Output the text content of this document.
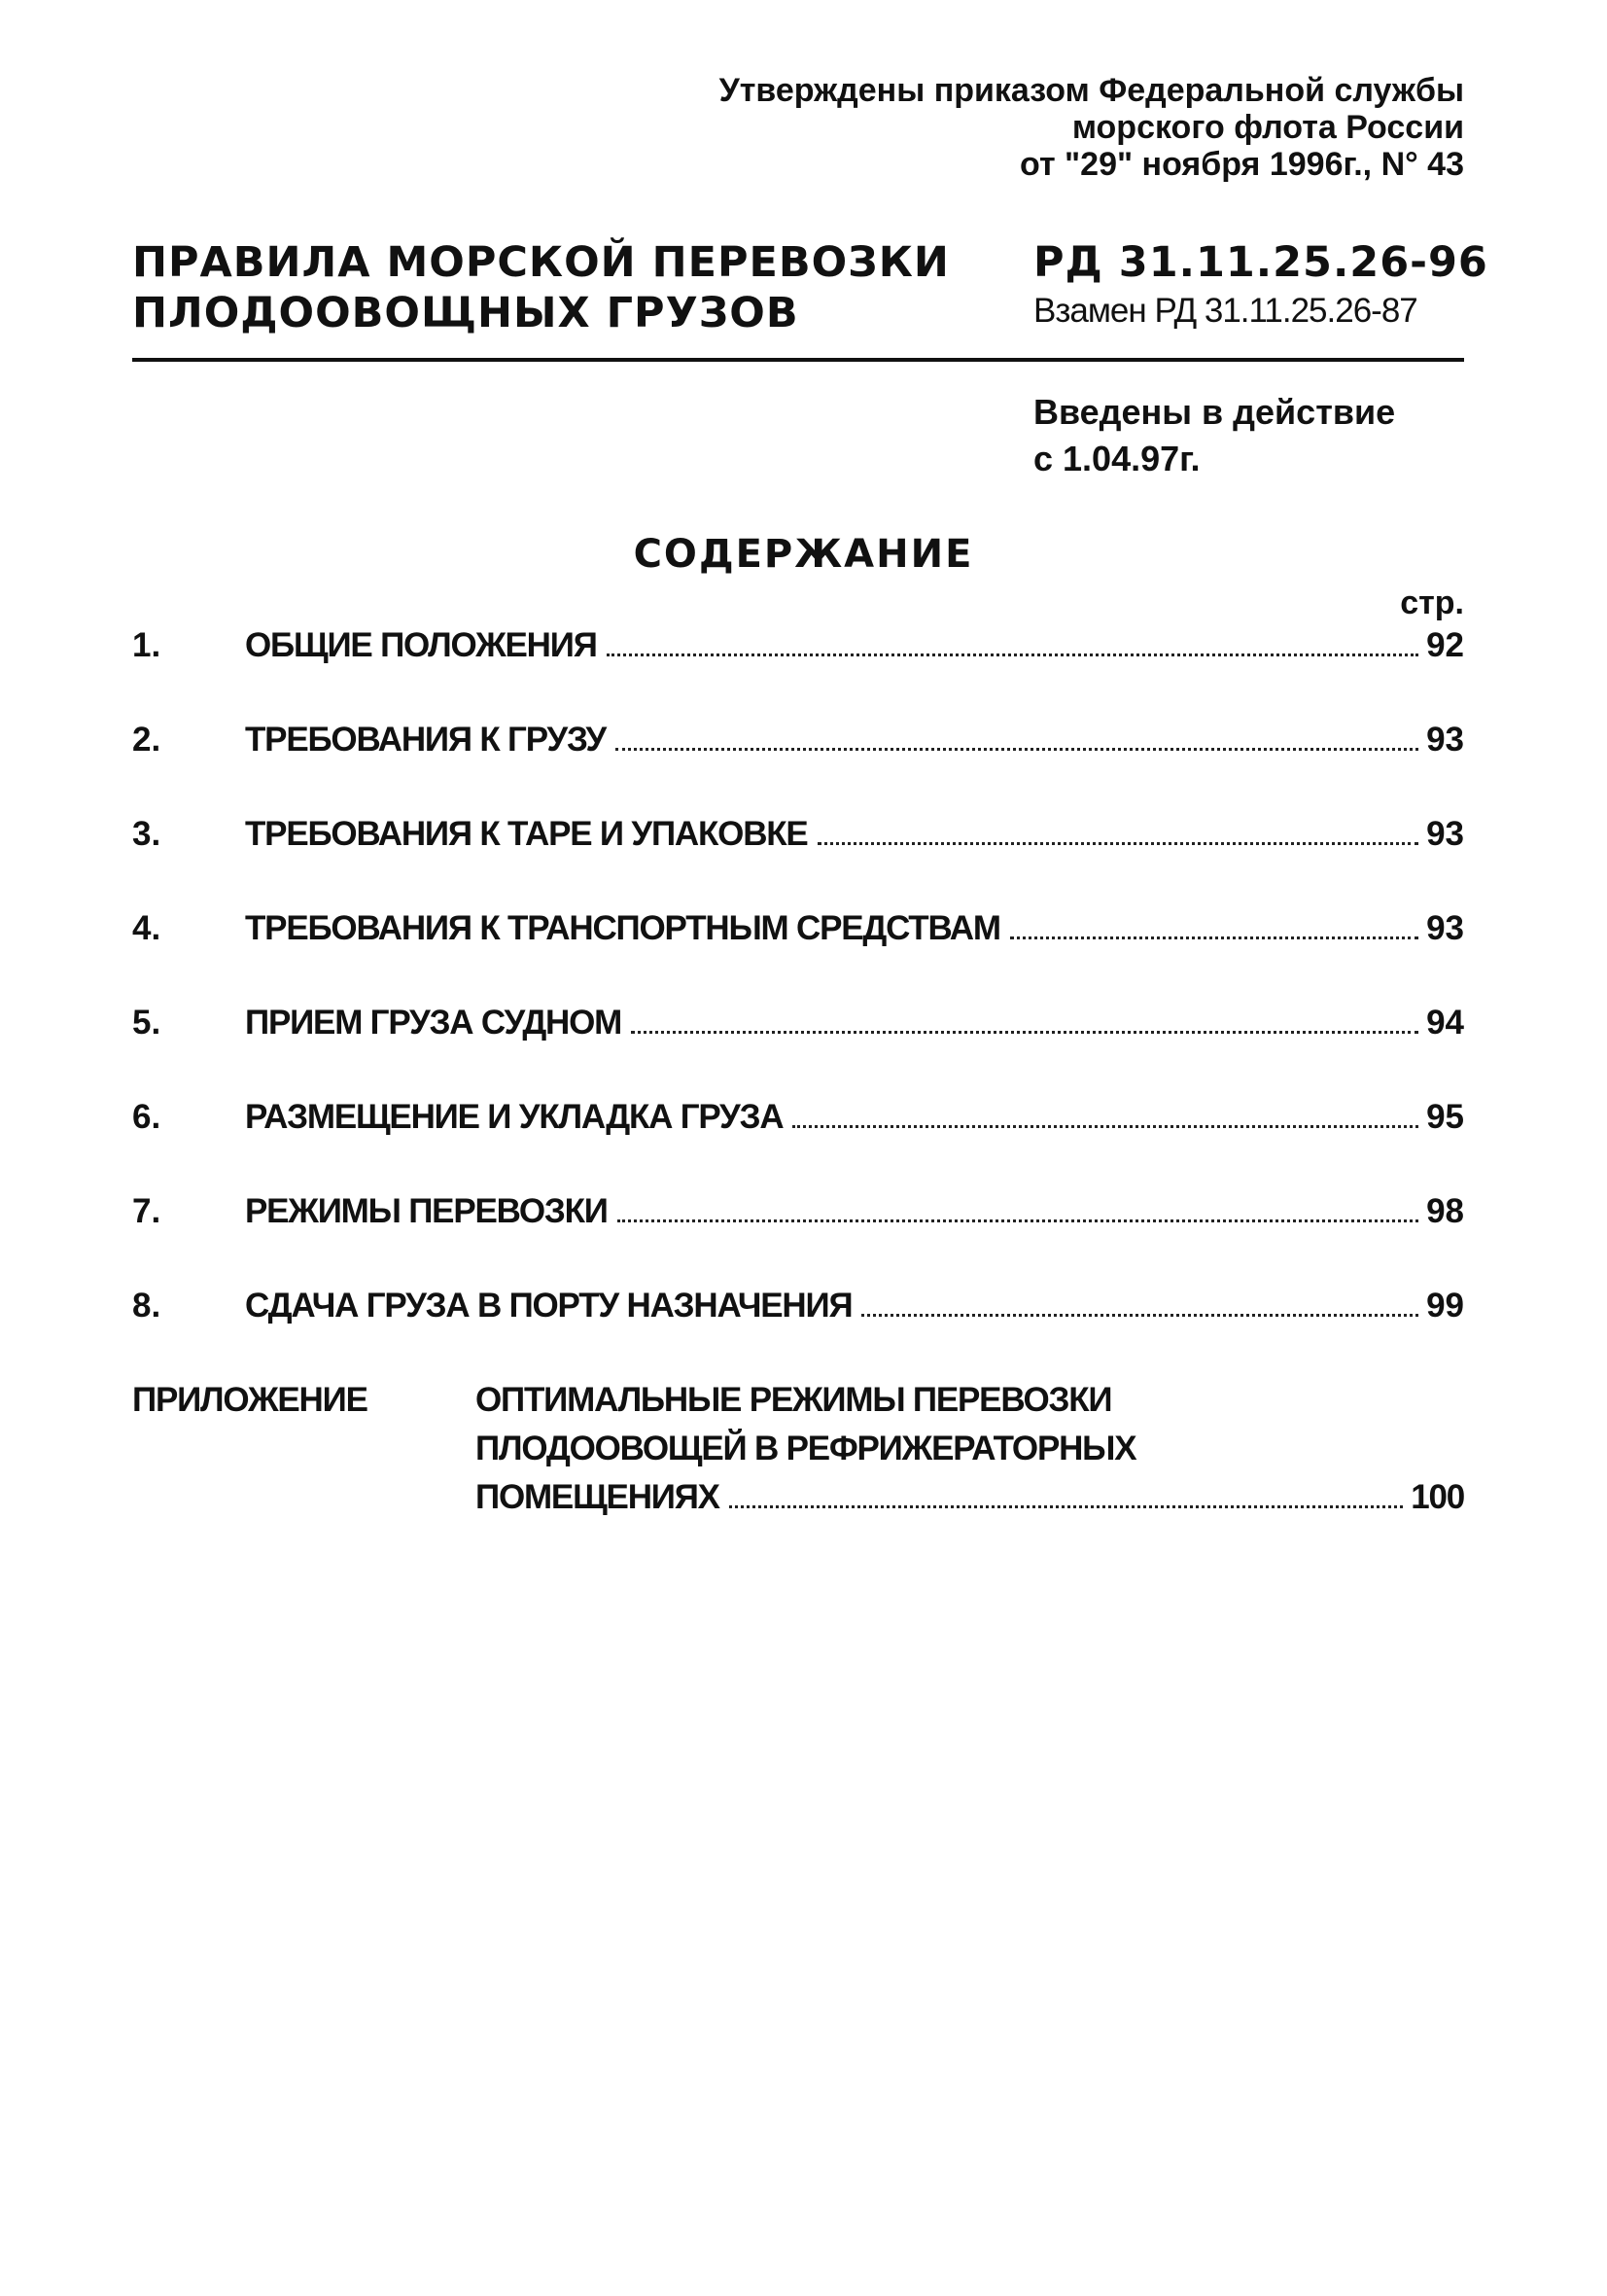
Утверждены приказом Федеральной службы
морского флота России
от "29" ноября 1996г., N° 43
ПРАВИЛА МОРСКОЙ ПЕРЕВОЗКИ
ПЛОДООВОЩНЫХ ГРУЗОВ
РД 31.11.25.26-96
Взамен РД 31.11.25.26-87
Введены в действие
с 1.04.97г.
СОДЕРЖАНИЕ
стр.
1. ОБЩИЕ ПОЛОЖЕНИЯ	92
2. ТРЕБОВАНИЯ К ГРУЗУ	93
3. ТРЕБОВАНИЯ К ТАРЕ И УПАКОВКЕ	93
4. ТРЕБОВАНИЯ К ТРАНСПОРТНЫМ СРЕДСТВАМ	93
5. ПРИЕМ ГРУЗА СУДНОМ	94
6. РАЗМЕЩЕНИЕ И УКЛАДКА ГРУЗА	95
7. РЕЖИМЫ ПЕРЕВОЗКИ	98
8. СДАЧА ГРУЗА В ПОРТУ НАЗНАЧЕНИЯ	99
ПРИЛОЖЕНИЕ	ОПТИМАЛЬНЫЕ РЕЖИМЫ ПЕРЕВОЗКИ
ПЛОДООВОЩЕЙ В РЕФРИЖЕРАТОРНЫХ
ПОМЕЩЕНИЯХ	100
